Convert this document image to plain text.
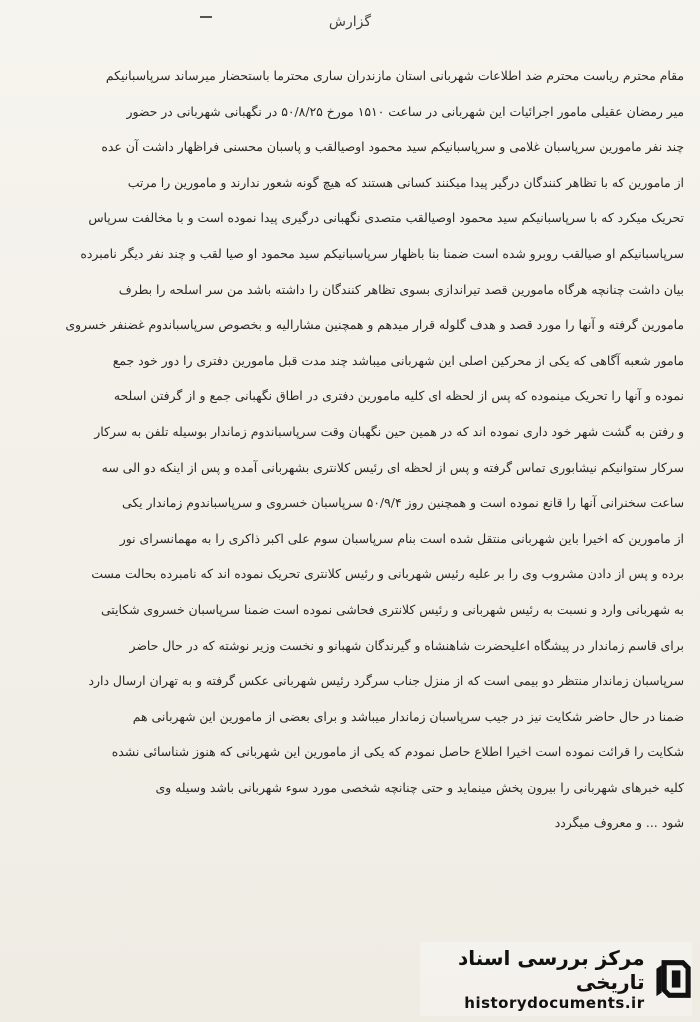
گزارش
مقام محترم ریاست محترم ضد اطلاعات شهربانی استان مازندران ساری محترما باستحضار میرساند سرپاسبانیکم
میر رمضان عقیلی مامور اجرائیات این شهربانی در ساعت ۱۵۱۰ مورخ ۵۰/۸/۲۵ در نگهبانی شهربانی در حضور
چند نفر مامورین سرپاسبان غلامی و سرپاسبانیکم سید محمود اوصیالقب و پاسبان محسنی فراظهار داشت آن عده
از مامورین که با تظاهر کنندگان درگیر پیدا میکنند کسانی هستند که هیچ گونه شعور ندارند و مامورین را مرتب
تحریک میکرد که با سرپاسبانیکم سید محمود اوصیالقب متصدی نگهبانی درگیری پیدا نموده است و با مخالفت سرپاس
سرپاسبانیکم او صیالقب روبرو شده است ضمنا بنا باظهار سرپاسبانیکم سید محمود او صیا لقب و چند نفر دیگر نامبرده
بیان داشت چنانچه هرگاه مامورین قصد تیراندازی بسوی تظاهر کنندگان را داشته باشد من سر اسلحه را بطرف
مامورین گرفته و آنها را مورد قصد و هدف گلوله قرار میدهم و همچنین مشارالیه و بخصوص سرپاسباندوم غضنفر خسروی
مامور شعبه آگاهی که یکی از محرکین اصلی این شهربانی میباشد چند مدت قبل مامورین دفتری را دور خود جمع
نموده و آنها را تحریک مینموده که پس از لحظه ای کلیه مامورین دفتری در اطاق نگهبانی جمع و از گرفتن اسلحه
و رفتن به گشت شهر خود داری نموده اند که در همین حین نگهبان وقت سرپاسباندوم زماندار بوسیله تلفن به سرکار
سرکار ستوانیکم نیشابوری تماس گرفته و پس از لحظه ای رئیس کلانتری بشهربانی آمده و پس از اینکه دو الی سه
ساعت سخنرانی آنها را قانع نموده است و همچنین روز ۵۰/۹/۴ سرپاسبان خسروی و سرپاسباندوم زماندار یکی
از مامورین که اخیرا باین شهربانی منتقل شده است بنام سرپاسبان سوم علی اکبر ذاکری را به مهمانسرای نور
برده و پس از دادن مشروب وی را بر علیه رئیس شهربانی و رئیس کلانتری تحریک نموده اند که نامبرده بحالت مست
به شهربانی وارد و نسبت به رئیس شهربانی و رئیس کلانتری فحاشی نموده است ضمنا سرپاسبان خسروی شکایتی
برای قاسم زماندار در پیشگاه اعلیحضرت شاهنشاه و گیرندگان شهبانو و نخست وزیر نوشته که در حال حاضر
سرپاسبان زماندار منتظر دو بیمی است که از منزل جناب سرگرد رئیس شهربانی عکس گرفته و به تهران ارسال دارد
ضمنا در حال حاضر شکایت نیز در جیب سرپاسبان زماندار میباشد و برای بعضی از مامورین این شهربانی هم
شکایت را قرائت نموده است اخیرا اطلاع حاصل نمودم که یکی از مامورین این شهربانی که هنوز شناسائی نشده
کلیه خبرهای شهربانی را بیرون پخش مینماید و حتی چنانچه شخصی مورد سوء شهربانی باشد وسیله وی
شود ... و معروف میگردد
مرکز بررسی اسناد تاریخی
historydocuments.ir
